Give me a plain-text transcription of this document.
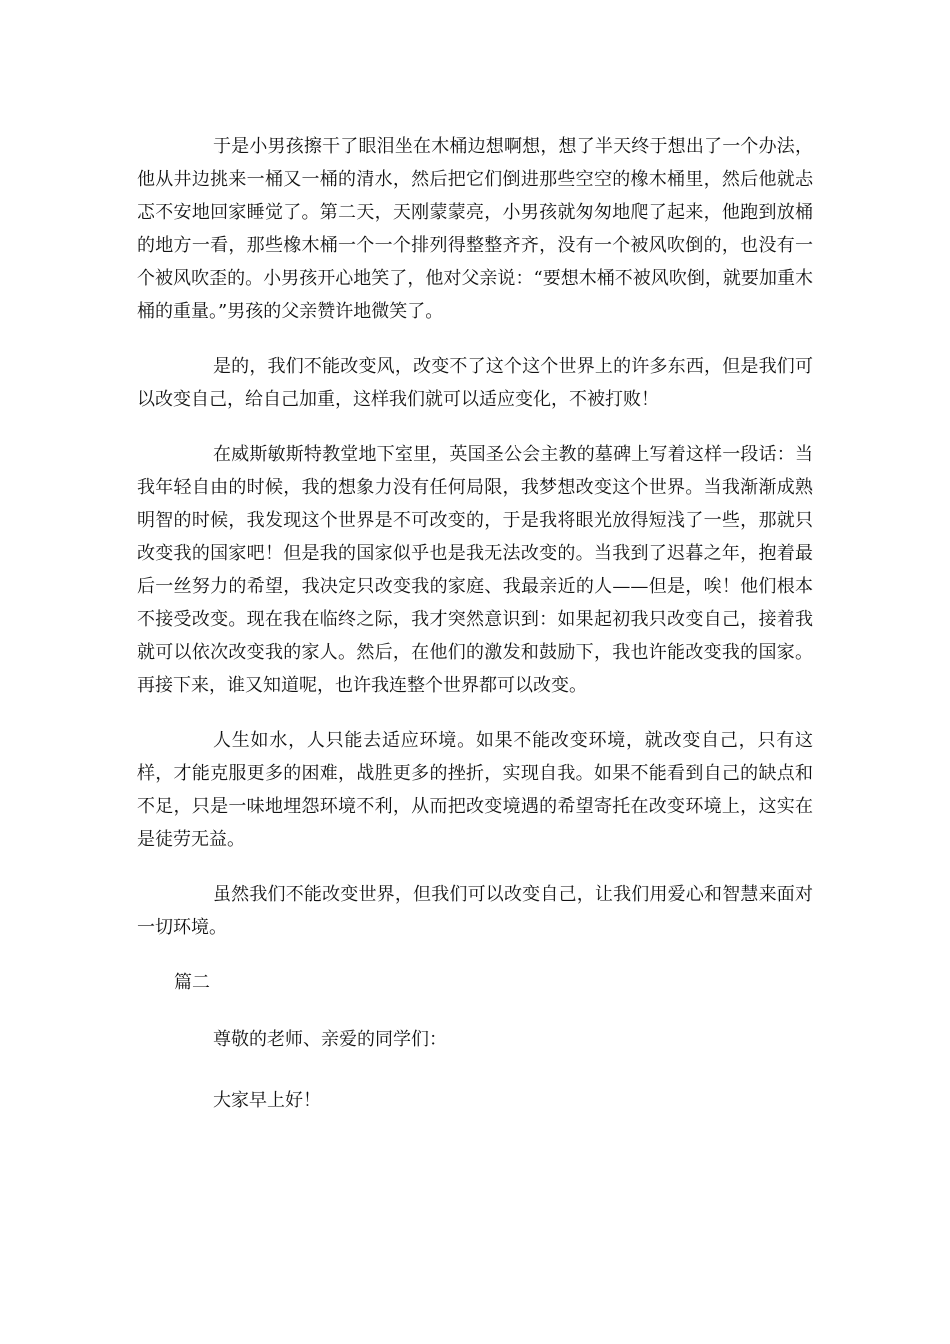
于是小男孩擦干了眼泪坐在木桶边想啊想，想了半天终于想出了一个办法，他从井边挑来一桶又一桶的清水，然后把它们倒进那些空空的橡木桶里，然后他就忐忑不安地回家睡觉了。第二天，天刚蒙蒙亮，小男孩就匆匆地爬了起来，他跑到放桶的地方一看，那些橡木桶一个一个排列得整整齐齐，没有一个被风吹倒的，也没有一个被风吹歪的。小男孩开心地笑了，他对父亲说：“要想木桶不被风吹倒，就要加重木桶的重量。”男孩的父亲赞许地微笑了。

是的，我们不能改变风，改变不了这个这个世界上的许多东西，但是我们可以改变自己，给自己加重，这样我们就可以适应变化，不被打败！

在威斯敏斯特教堂地下室里，英国圣公会主教的墓碑上写着这样一段话：当我年轻自由的时候，我的想象力没有任何局限，我梦想改变这个世界。当我渐渐成熟明智的时候，我发现这个世界是不可改变的，于是我将眼光放得短浅了一些，那就只改变我的国家吧！但是我的国家似乎也是我无法改变的。当我到了迟暮之年，抱着最后一丝努力的希望，我决定只改变我的家庭、我最亲近的人——但是，唉！他们根本不接受改变。现在我在临终之际，我才突然意识到：如果起初我只改变自己，接着我就可以依次改变我的家人。然后，在他们的激发和鼓励下，我也许能改变我的国家。再接下来，谁又知道呢，也许我连整个世界都可以改变。

人生如水，人只能去适应环境。如果不能改变环境，就改变自己，只有这样，才能克服更多的困难，战胜更多的挫折，实现自我。如果不能看到自己的缺点和不足，只是一味地埋怨环境不利，从而把改变境遇的希望寄托在改变环境上，这实在是徒劳无益。

虽然我们不能改变世界，但我们可以改变自己，让我们用爱心和智慧来面对一切环境。

篇二
尊敬的老师、亲爱的同学们：
大家早上好！
